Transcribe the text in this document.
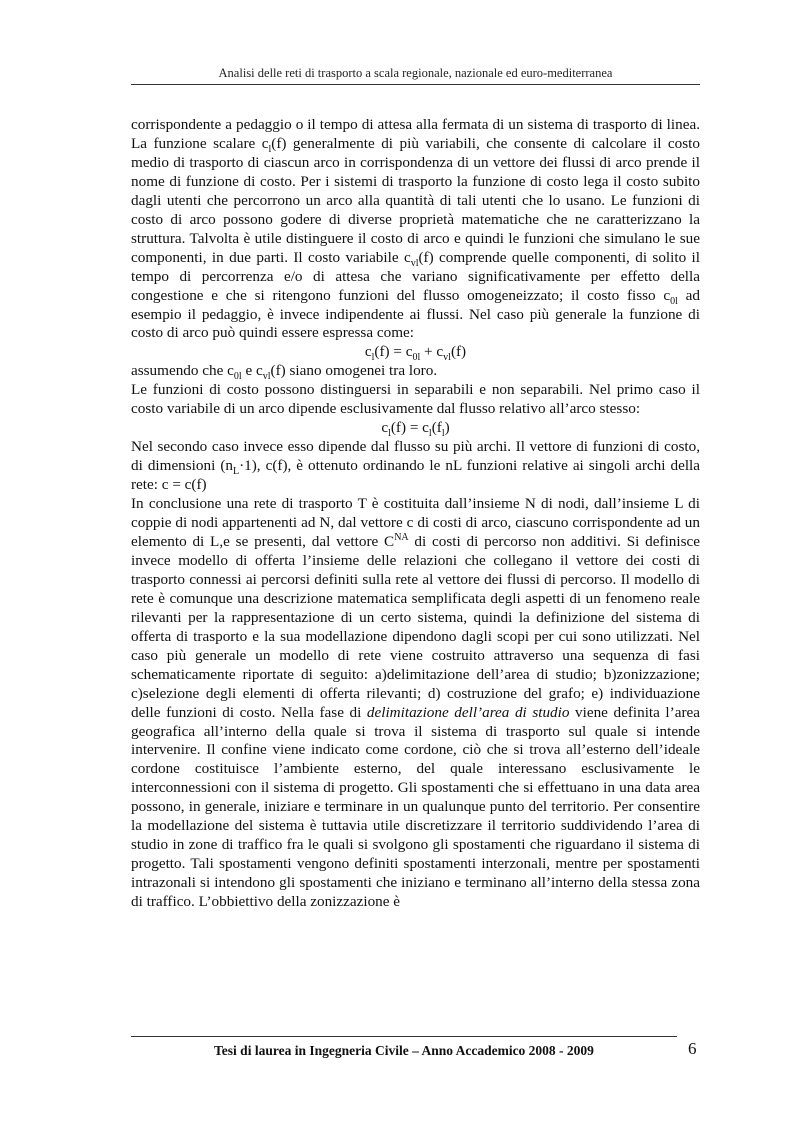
Analisi delle reti di trasporto a scala regionale, nazionale ed euro-mediterranea

corrispondente a pedaggio o il tempo di attesa alla fermata di un sistema di trasporto di linea. La funzione scalare $c_l(f)$ generalmente di più variabili, che consente di calcolare il costo medio di trasporto di ciascun arco in corrispondenza di un vettore dei flussi di arco prende il nome di funzione di costo. Per i sistemi di trasporto la funzione di costo lega il costo subito dagli utenti che percorrono un arco alla quantità di tali utenti che lo usano. Le funzioni di costo di arco possono godere di diverse proprietà matematiche che ne caratterizzano la struttura. Talvolta è utile distinguere il costo di arco e quindi le funzioni che simulano le sue componenti, in due parti. Il costo variabile $c_{vl}(f)$ comprende quelle componenti, di solito il tempo di percorrenza e/o di attesa che variano significativamente per effetto della congestione e che si ritengono funzioni del flusso omogeneizzato; il costo fisso $c_{0l}$ ad esempio il pedaggio, è invece indipendente ai flussi. Nel caso più generale la funzione di costo di arco può quindi essere espressa come:

$c_l(f) = c_{0l} + c_{vl}(f)$

assumendo che $c_{0l}$ e $c_{vl}(f)$ siano omogenei tra loro.

Le funzioni di costo possono distinguersi in separabili e non separabili. Nel primo caso il costo variabile di un arco dipende esclusivamente dal flusso relativo all’arco stesso:

$c_l(f) = c_l(f_l)$

Nel secondo caso invece esso dipende dal flusso su più archi. Il vettore di funzioni di costo, di dimensioni $(n_L\cdot 1)$, c(f), è ottenuto ordinando le nL funzioni relative ai singoli archi della rete: c = c(f)

In conclusione una rete di trasporto T è costituita dall’insieme N di nodi, dall’insieme L di coppie di nodi appartenenti ad N, dal vettore c di costi di arco, ciascuno corrispondente ad un elemento di L,e se presenti, dal vettore $C^{NA}$ di costi di percorso non additivi. Si definisce invece modello di offerta l’insieme delle relazioni che collegano il vettore dei costi di trasporto connessi ai percorsi definiti sulla rete al vettore dei flussi di percorso. Il modello di rete è comunque una descrizione matematica semplificata degli aspetti di un fenomeno reale rilevanti per la rappresentazione di un certo sistema, quindi la definizione del sistema di offerta di trasporto e la sua modellazione dipendono dagli scopi per cui sono utilizzati. Nel caso più generale un modello di rete viene costruito attraverso una sequenza di fasi schematicamente riportate di seguito: a)delimitazione dell’area di studio; b)zonizzazione; c)selezione degli elementi di offerta rilevanti; d) costruzione del grafo; e) individuazione delle funzioni di costo. Nella fase di delimitazione dell’area di studio viene definita l’area geografica all’interno della quale si trova il sistema di trasporto sul quale si intende intervenire. Il confine viene indicato come cordone, ciò che si trova all’esterno dell’ideale cordone costituisce l’ambiente esterno, del quale interessano esclusivamente le interconnessioni con il sistema di progetto. Gli spostamenti che si effettuano in una data area possono, in generale, iniziare e terminare in un qualunque punto del territorio. Per consentire la modellazione del sistema è tuttavia utile discretizzare il territorio suddividendo l’area di studio in zone di traffico fra le quali si svolgono gli spostamenti che riguardano il sistema di progetto. Tali spostamenti vengono definiti spostamenti interzonali, mentre per spostamenti intrazonali si intendono gli spostamenti che iniziano e terminano all’interno della stessa zona di traffico. L’obbiettivo della zonizzazione è

Tesi di laurea in Ingegneria Civile – Anno Accademico 2008 - 2009	6
